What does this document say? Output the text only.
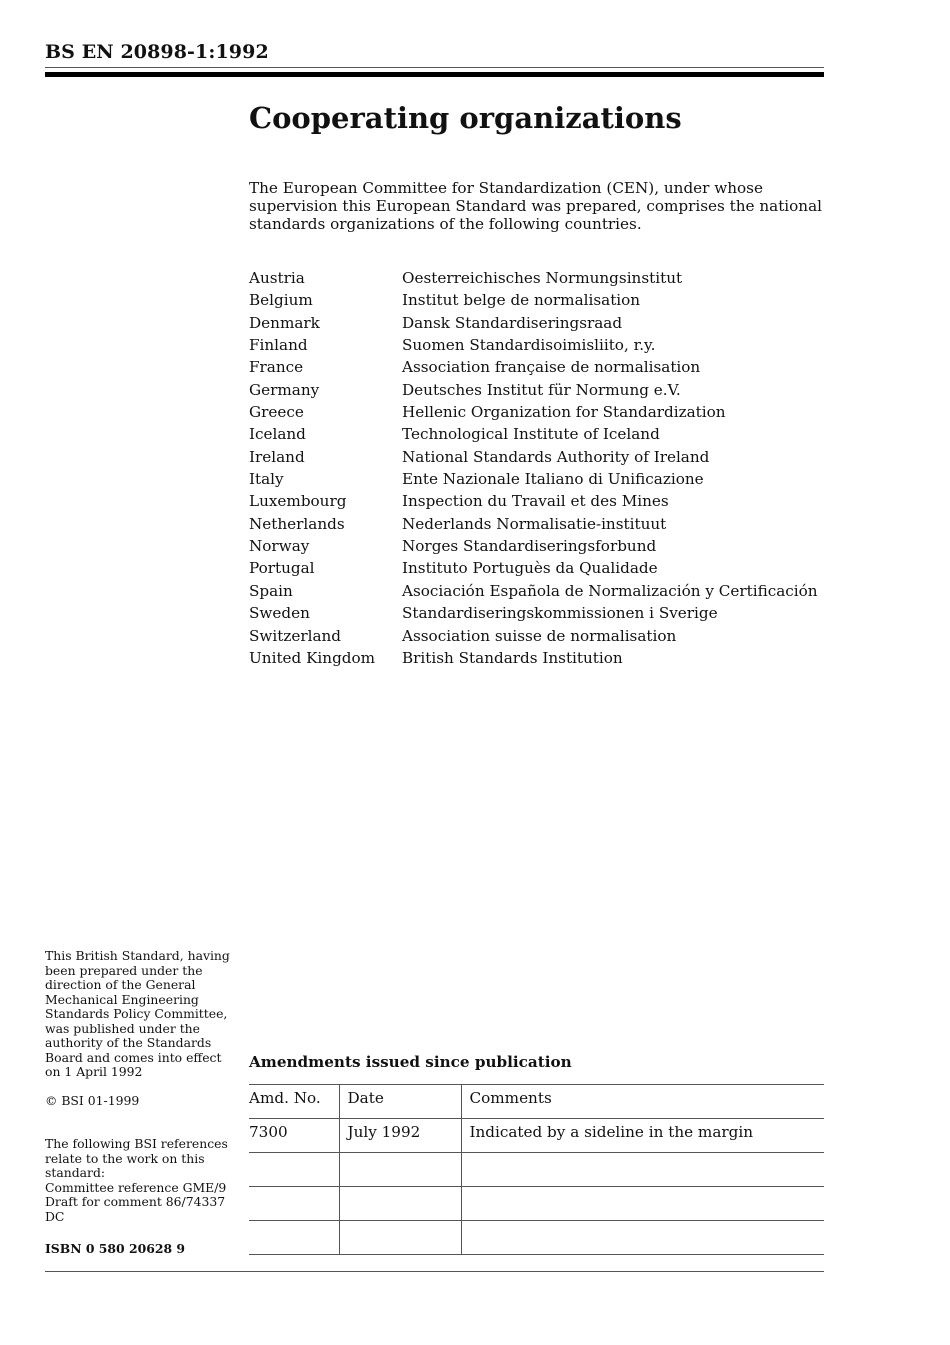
BS EN 20898-1:1992
Cooperating organizations

The European Committee for Standardization (CEN), under whose supervision this European Standard was prepared, comprises the national standards organizations of the following countries.

Austria	Oesterreichisches Normungsinstitut
Belgium	Institut belge de normalisation
Denmark	Dansk Standardiseringsraad
Finland	Suomen Standardisoimisliito, r.y.
France	Association française de normalisation
Germany	Deutsches Institut für Normung e.V.
Greece	Hellenic Organization for Standardization
Iceland	Technological Institute of Iceland
Ireland	National Standards Authority of Ireland
Italy	Ente Nazionale Italiano di Unificazione
Luxembourg	Inspection du Travail et des Mines
Netherlands	Nederlands Normalisatie-instituut
Norway	Norges Standardiseringsforbund
Portugal	Instituto Portuguès da Qualidade
Spain	Asociación Española de Normalización y Certificación
Sweden	Standardiseringskommissionen i Sverige
Switzerland	Association suisse de normalisation
United Kingdom	British Standards Institution
This British Standard, having been prepared under the direction of the General Mechanical Engineering Standards Policy Committee, was published under the authority of the Standards Board and comes into effect on 1 April 1992
© BSI 01-1999
The following BSI references relate to the work on this standard:
Committee reference GME/9
Draft for comment 86/74337 DC
ISBN 0 580 20628 9
Amendments issued since publication
Amd. No.	Date	Comments
7300	July 1992	Indicated by a sideline in the margin
